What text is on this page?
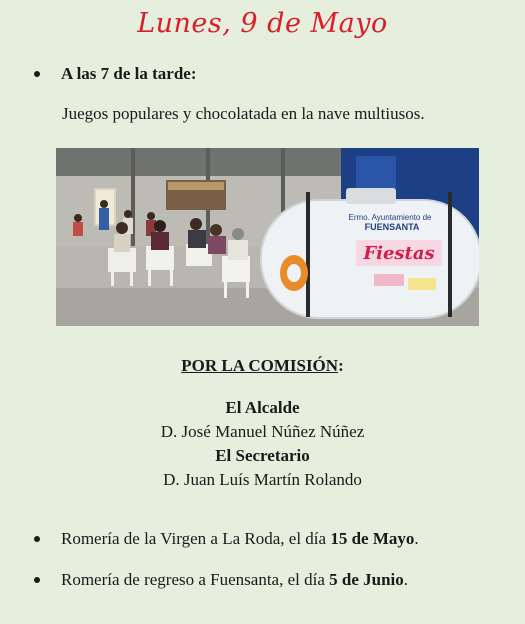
Lunes, 9 de Mayo
A las 7 de la tarde:
Juegos populares y chocolatada en la nave multiusos.
Ermo. Ayuntamiento de
FUENSANTA
Fiestas
POR LA COMISIÓN:
El Alcalde
D. José Manuel Núñez Núñez
El Secretario
D. Juan Luís Martín Rolando
Romería de la Virgen a La Roda, el día 15 de Mayo.
Romería de regreso a Fuensanta, el día 5 de Junio.
